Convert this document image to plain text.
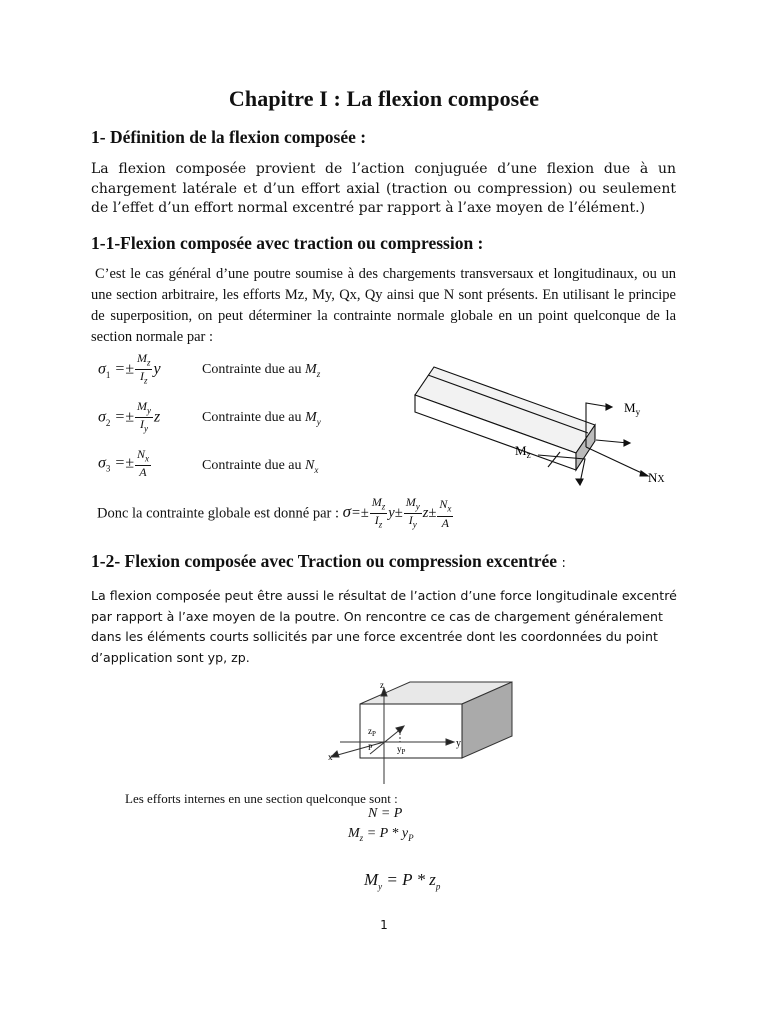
Chapitre I : La flexion composée
1- Définition de la flexion composée :
La flexion composée provient de l’action conjuguée d’une flexion due à un chargement latérale et d’un effort axial (traction ou compression) ou seulement de l’effet d’un effort normal excentré par rapport à l’axe moyen de l’élément.)
1-1-Flexion composée avec traction ou compression :
C’est le cas général d’une poutre soumise à des chargements transversaux et longitudinaux, ou un une section arbitraire, les efforts Mz, My, Qx, Qy ainsi que N sont présents. En utilisant le principe de superposition, on peut déterminer la contrainte normale globale en un point quelconque de la section normale par :
$\sigma_1 =\pm \frac{M_z}{I_z}$ y	Contrainte due au $M_z$
$\sigma_2 =\pm \frac{M_y}{I_y}$ z	Contrainte due au $M_y$
$\sigma_3 =\pm \frac{N_x}{A}$	Contrainte due au $N_x$
$M_y$
$M_z$
NX
Donc la contrainte globale est donné par : $\sigma=\pm \frac{M_z}{I_z} y\pm \frac{M_y}{I_y} z\pm \frac{N_x}{A}$
1-2- Flexion composée avec Traction ou compression excentrée :
La flexion composée peut être aussi le résultat de l’action d’une force longitudinale excentré par rapport à l’axe moyen de la poutre. On rencontre ce cas de chargement généralement dans les éléments courts sollicités par une force excentrée dont les coordonnées du point d’application sont yp, zp.
z
y
x
$z_P$
$y_P$
P
Les efforts internes en une section quelconque sont :
N = P
$M_z = P * y_P$
$M_y = P * z_p$
1
